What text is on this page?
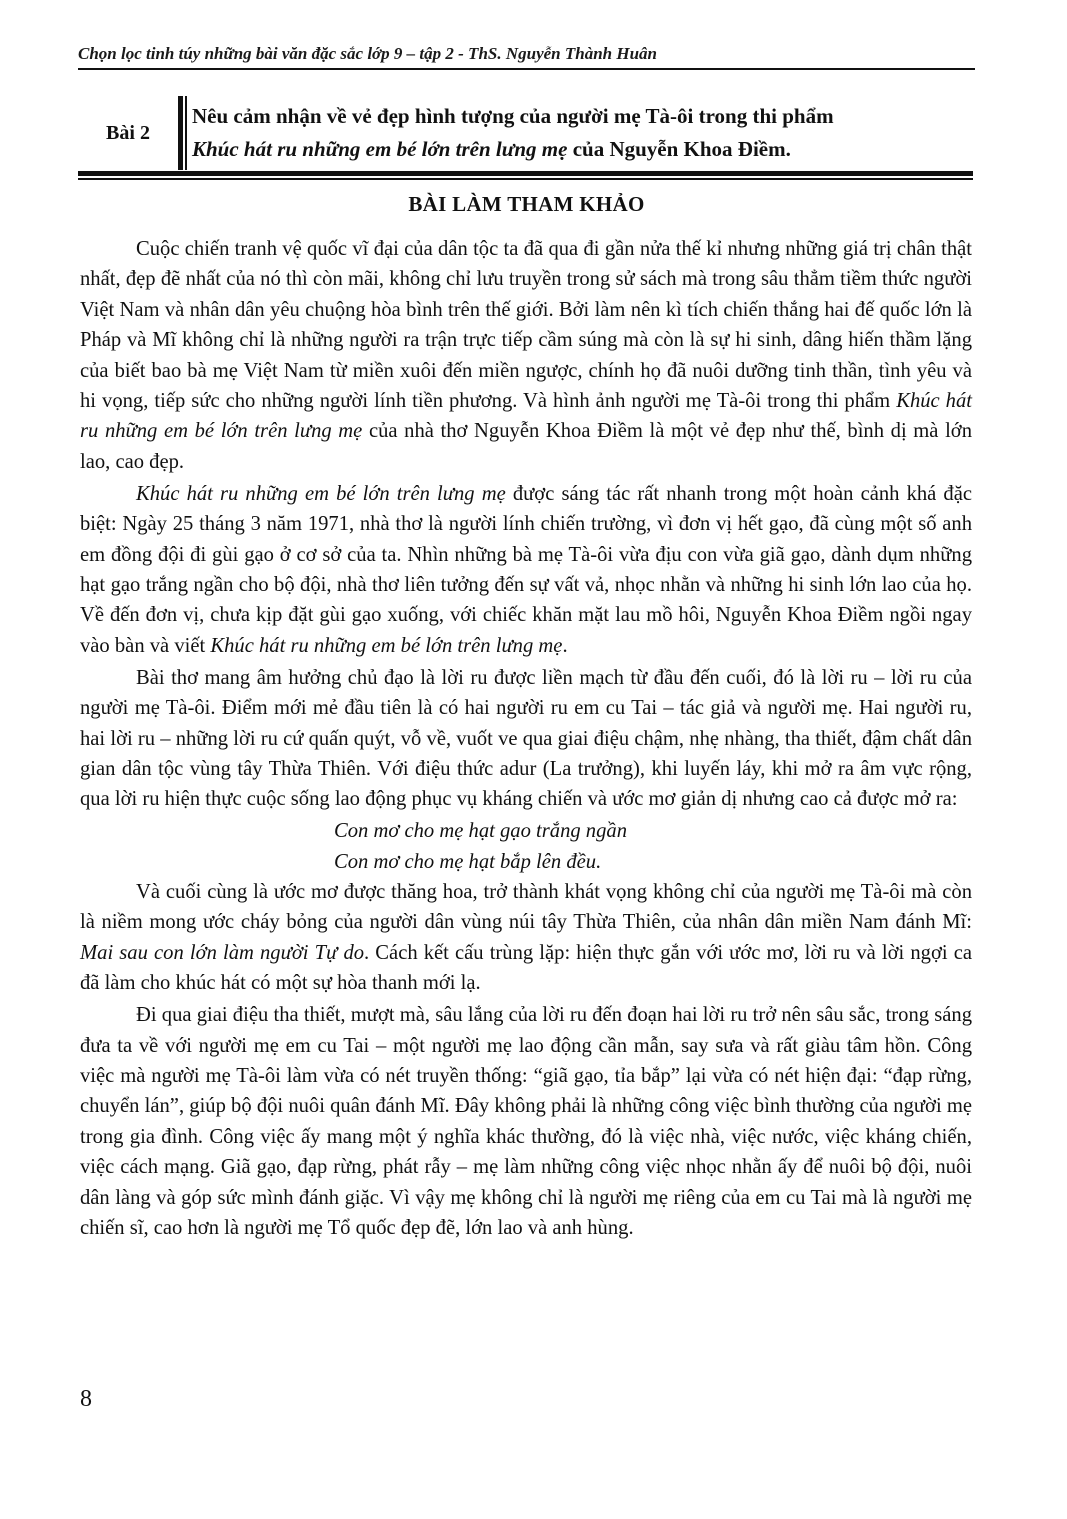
Chọn lọc tinh túy những bài văn đặc sắc lớp 9 – tập 2 - ThS. Nguyễn Thành Huân
Bài 2
Nêu cảm nhận về vẻ đẹp hình tượng của người mẹ Tà-ôi trong thi phẩm
Khúc hát ru những em bé lớn trên lưng mẹ của Nguyễn Khoa Điềm.
BÀI LÀM THAM KHẢO

Cuộc chiến tranh vệ quốc vĩ đại của dân tộc ta đã qua đi gần nửa thế kỉ nhưng những giá trị chân thật nhất, đẹp đẽ nhất của nó thì còn mãi, không chỉ lưu truyền trong sử sách mà trong sâu thẳm tiềm thức người Việt Nam và nhân dân yêu chuộng hòa bình trên thế giới. Bởi làm nên kì tích chiến thắng hai đế quốc lớn là Pháp và Mĩ không chỉ là những người ra trận trực tiếp cầm súng mà còn là sự hi sinh, dâng hiến thầm lặng của biết bao bà mẹ Việt Nam từ miền xuôi đến miền ngược, chính họ đã nuôi dưỡng tinh thần, tình yêu và hi vọng, tiếp sức cho những người lính tiền phương. Và hình ảnh người mẹ Tà-ôi trong thi phẩm Khúc hát ru những em bé lớn trên lưng mẹ của nhà thơ Nguyễn Khoa Điềm là một vẻ đẹp như thế, bình dị mà lớn lao, cao đẹp.

Khúc hát ru những em bé lớn trên lưng mẹ được sáng tác rất nhanh trong một hoàn cảnh khá đặc biệt: Ngày 25 tháng 3 năm 1971, nhà thơ là người lính chiến trường, vì đơn vị hết gạo, đã cùng một số anh em đồng đội đi gùi gạo ở cơ sở của ta. Nhìn những bà mẹ Tà-ôi vừa địu con vừa giã gạo, dành dụm những hạt gạo trắng ngần cho bộ đội, nhà thơ liên tưởng đến sự vất vả, nhọc nhằn và những hi sinh lớn lao của họ. Về đến đơn vị, chưa kịp đặt gùi gạo xuống, với chiếc khăn mặt lau mồ hôi, Nguyễn Khoa Điềm ngồi ngay vào bàn và viết Khúc hát ru những em bé lớn trên lưng mẹ.

Bài thơ mang âm hưởng chủ đạo là lời ru được liền mạch từ đầu đến cuối, đó là lời ru – lời ru của người mẹ Tà-ôi. Điểm mới mẻ đầu tiên là có hai người ru em cu Tai – tác giả và người mẹ. Hai người ru, hai lời ru – những lời ru cứ quấn quýt, vỗ về, vuốt ve qua giai điệu chậm, nhẹ nhàng, tha thiết, đậm chất dân gian dân tộc vùng tây Thừa Thiên. Với điệu thức adur (La trưởng), khi luyến láy, khi mở ra âm vực rộng, qua lời ru hiện thực cuộc sống lao động phục vụ kháng chiến và ước mơ giản dị nhưng cao cả được mở ra:

Con mơ cho mẹ hạt gạo trắng ngần

Con mơ cho mẹ hạt bắp lên đều.

Và cuối cùng là ước mơ được thăng hoa, trở thành khát vọng không chỉ của người mẹ Tà-ôi mà còn là niềm mong ước cháy bỏng của người dân vùng núi tây Thừa Thiên, của nhân dân miền Nam đánh Mĩ: Mai sau con lớn làm người Tự do. Cách kết cấu trùng lặp: hiện thực gắn với ước mơ, lời ru và lời ngợi ca đã làm cho khúc hát có một sự hòa thanh mới lạ.

Đi qua giai điệu tha thiết, mượt mà, sâu lắng của lời ru đến đoạn hai lời ru trở nên sâu sắc, trong sáng đưa ta về với người mẹ em cu Tai – một người mẹ lao động cần mẫn, say sưa và rất giàu tâm hồn. Công việc mà người mẹ Tà-ôi làm vừa có nét truyền thống: “giã gạo, tỉa bắp” lại vừa có nét hiện đại: “đạp rừng, chuyển lán”, giúp bộ đội nuôi quân đánh Mĩ. Đây không phải là những công việc bình thường của người mẹ trong gia đình. Công việc ấy mang một ý nghĩa khác thường, đó là việc nhà, việc nước, việc kháng chiến, việc cách mạng. Giã gạo, đạp rừng, phát rẫy – mẹ làm những công việc nhọc nhằn ấy để nuôi bộ đội, nuôi dân làng và góp sức mình đánh giặc. Vì vậy mẹ không chỉ là người mẹ riêng của em cu Tai mà là người mẹ chiến sĩ, cao hơn là người mẹ Tổ quốc đẹp đẽ, lớn lao và anh hùng.

8
